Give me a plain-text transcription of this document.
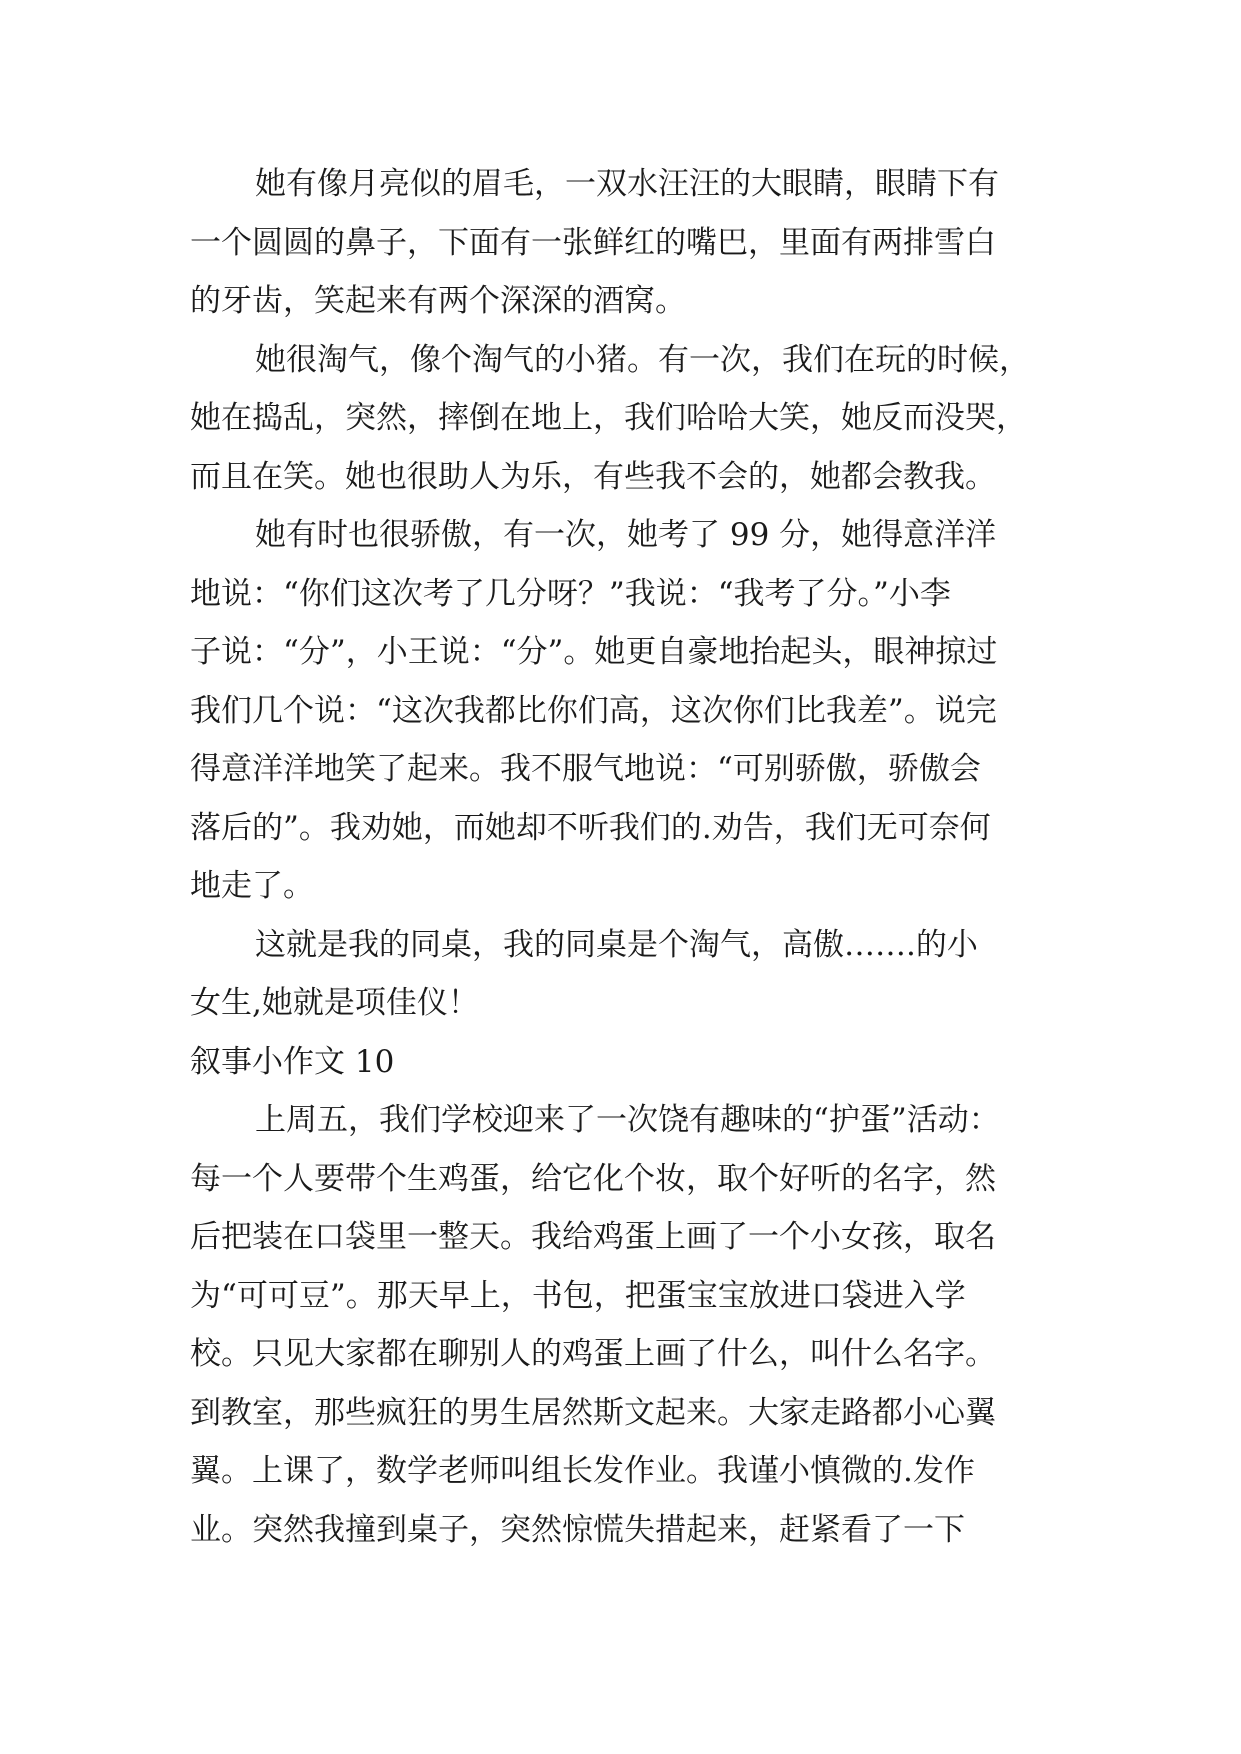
她有像月亮似的眉毛，一双水汪汪的大眼睛，眼睛下有
一个圆圆的鼻子，下面有一张鲜红的嘴巴，里面有两排雪白
的牙齿，笑起来有两个深深的酒窝。
她很淘气，像个淘气的小猪。有一次，我们在玩的时候，
她在捣乱，突然，摔倒在地上，我们哈哈大笑，她反而没哭，
而且在笑。她也很助人为乐，有些我不会的，她都会教我。
她有时也很骄傲，有一次，她考了 99 分，她得意洋洋
地说：“你们这次考了几分呀？”我说：“我考了分。”小李
子说：“分”，小王说：“分”。她更自豪地抬起头，眼神掠过
我们几个说：“这次我都比你们高，这次你们比我差”。说完
得意洋洋地笑了起来。我不服气地说：“可别骄傲，骄傲会
落后的”。我劝她，而她却不听我们的.劝告，我们无可奈何
地走了。
这就是我的同桌，我的同桌是个淘气，高傲…….的小
女生,她就是项佳仪！
叙事小作文 10
上周五，我们学校迎来了一次饶有趣味的“护蛋”活动：
每一个人要带个生鸡蛋，给它化个妆，取个好听的名字，然
后把装在口袋里一整天。我给鸡蛋上画了一个小女孩，取名
为“可可豆”。那天早上，书包，把蛋宝宝放进口袋进入学
校。只见大家都在聊别人的鸡蛋上画了什么，叫什么名字。
到教室，那些疯狂的男生居然斯文起来。大家走路都小心翼
翼。上课了，数学老师叫组长发作业。我谨小慎微的.发作
业。突然我撞到桌子，突然惊慌失措起来，赶紧看了一下
